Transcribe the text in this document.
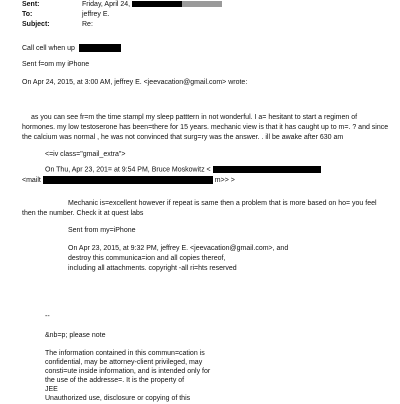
Sent:	Friday, April 24,
To:	jeffrey E.
Subject:	Re:
Call cell when up
Sent f=om my iPhone
On Apr 24, 2015, at 3:00 AM, jeffrey E. <jeevacation@gmail.com> wrote:
as you can see fr=m the time stampl my sleep patttern in not wonderful. I a= hesitant to start a regimen of
hormones. my low testoserone has been=there for 15 years. mechanic view is that it has caught up to m=. ? and since
the calcium was normal , he was not convinced that surg=ry was the answer. . ill be awake after 630 am
<=iv class="gmail_extra">
On Thu, Apr 23, 201= at 9:54 PM, Bruce Moskowitz <
<mailt	m>> >
Mechanic is=excellent however if repeat is same then a problem that is more based on ho= you feel
then the number. Check it at quest labs
Sent from my=iPhone
On Apr 23, 2015, at 9:32 PM, jeffrey E. <jeevacation@gmail.com>, and
destroy this communica=ion and all copies thereof,
including all attachments. copyright -all ri=hts reserved
--
&nb=p; please note
The information contained in this commun=cation is
confidential, may be attorney-client privileged, may
consti=ute inside information, and is intended only for
the use of the addresse=. It is the property of
JEE
Unauthorized use, disclosure or copying of this
